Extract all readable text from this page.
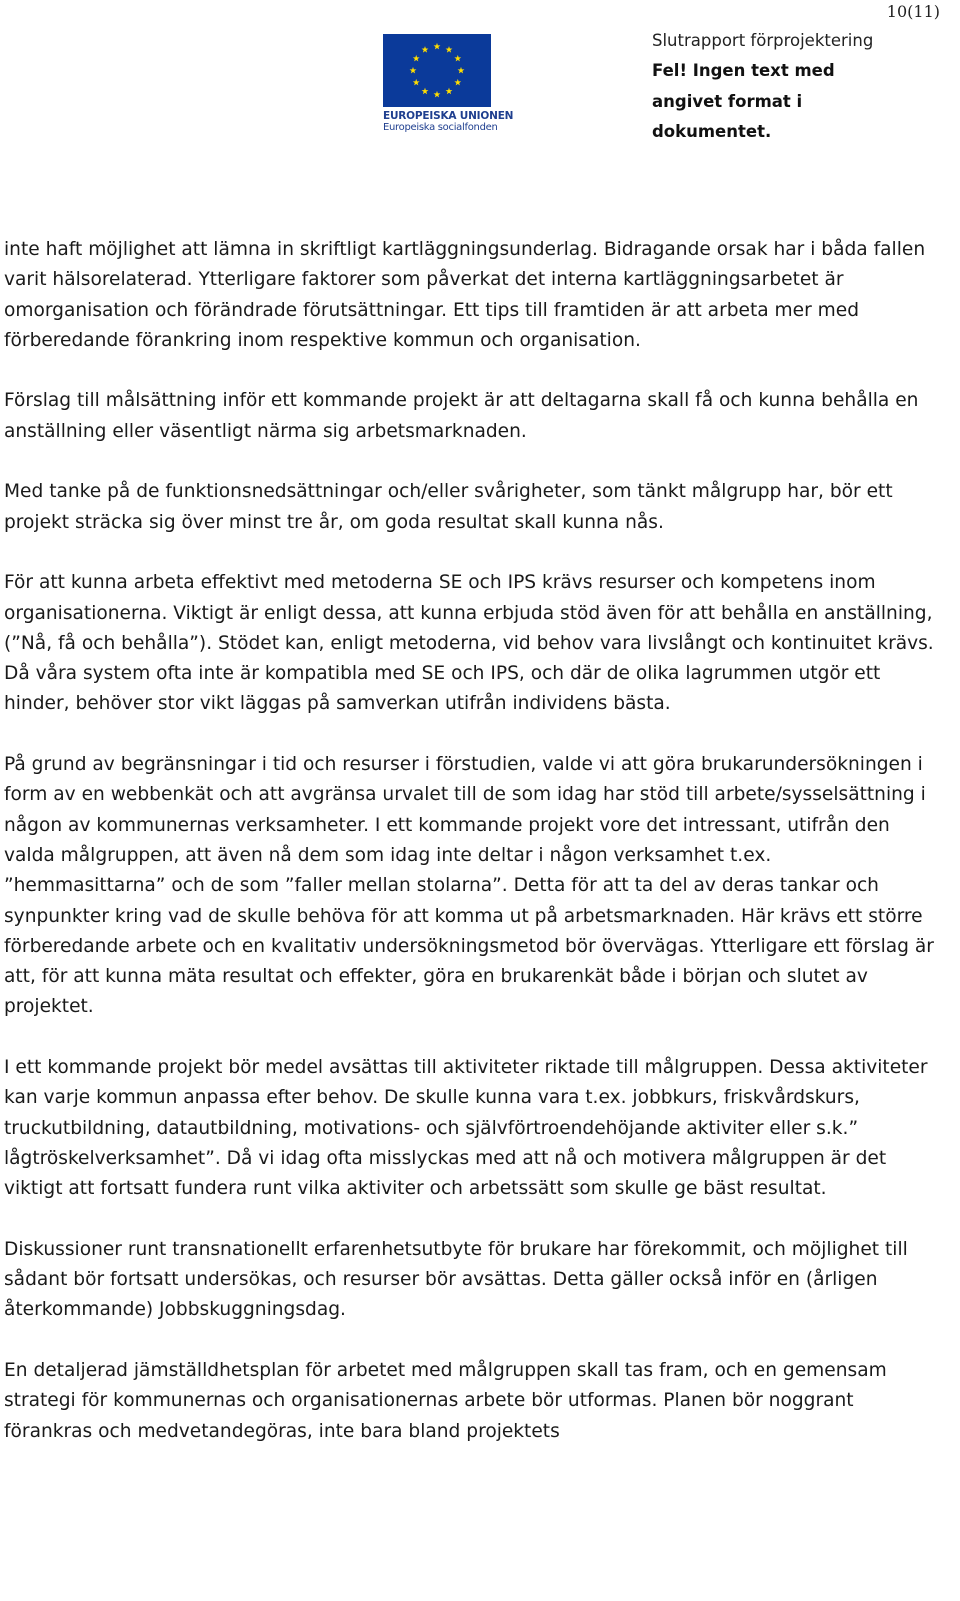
10(11)
EUROPEISKA UNIONEN
Europeiska socialfonden
Slutrapport förprojektering
Fel! Ingen text med angivet format i dokumentet.

inte haft möjlighet att lämna in skriftligt kartläggningsunderlag. Bidragande orsak har i båda fallen varit hälsorelaterad. Ytterligare faktorer som påverkat det interna kartläggningsarbetet är omorganisation och förändrade förutsättningar. Ett tips till framtiden är att arbeta mer med förberedande förankring inom respektive kommun och organisation.

Förslag till målsättning inför ett kommande projekt är att deltagarna skall få och kunna behålla en anställning eller väsentligt närma sig arbetsmarknaden.

Med tanke på de funktionsnedsättningar och/eller svårigheter, som tänkt målgrupp har, bör ett projekt sträcka sig över minst tre år, om goda resultat skall kunna nås.

För att kunna arbeta effektivt med metoderna SE och IPS krävs resurser och kompetens inom organisationerna. Viktigt är enligt dessa, att kunna erbjuda stöd även för att behålla en anställning, (”Nå, få och behålla”). Stödet kan, enligt metoderna, vid behov vara livslångt och kontinuitet krävs. Då våra system ofta inte är kompatibla med SE och IPS, och där de olika lagrummen utgör ett hinder, behöver stor vikt läggas på samverkan utifrån individens bästa.

På grund av begränsningar i tid och resurser i förstudien, valde vi att göra brukarundersökningen i form av en webbenkät och att avgränsa urvalet till de som idag har stöd till arbete/sysselsättning i någon av kommunernas verksamheter. I ett kommande projekt vore det intressant, utifrån den valda målgruppen, att även nå dem som idag inte deltar i någon verksamhet t.ex. ”hemmasittarna” och de som ”faller mellan stolarna”. Detta för att ta del av deras tankar och synpunkter kring vad de skulle behöva för att komma ut på arbetsmarknaden. Här krävs ett större förberedande arbete och en kvalitativ undersökningsmetod bör övervägas. Ytterligare ett förslag är att, för att kunna mäta resultat och effekter, göra en brukarenkät både i början och slutet av projektet.

I ett kommande projekt bör medel avsättas till aktiviteter riktade till målgruppen. Dessa aktiviteter kan varje kommun anpassa efter behov. De skulle kunna vara t.ex. jobbkurs, friskvårdskurs, truckutbildning, datautbildning, motivations- och självförtroendehöjande aktiviter eller s.k.” lågtröskelverksamhet”. Då vi idag ofta misslyckas med att nå och motivera målgruppen är det viktigt att fortsatt fundera runt vilka aktiviter och arbetssätt som skulle ge bäst resultat.

Diskussioner runt transnationellt erfarenhetsutbyte för brukare har förekommit, och möjlighet till sådant bör fortsatt undersökas, och resurser bör avsättas. Detta gäller också inför en (årligen återkommande) Jobbskuggningsdag.

En detaljerad jämställdhetsplan för arbetet med målgruppen skall tas fram, och en gemensam strategi för kommunernas och organisationernas arbete bör utformas. Planen bör noggrant förankras och medvetandegöras, inte bara bland projektets
